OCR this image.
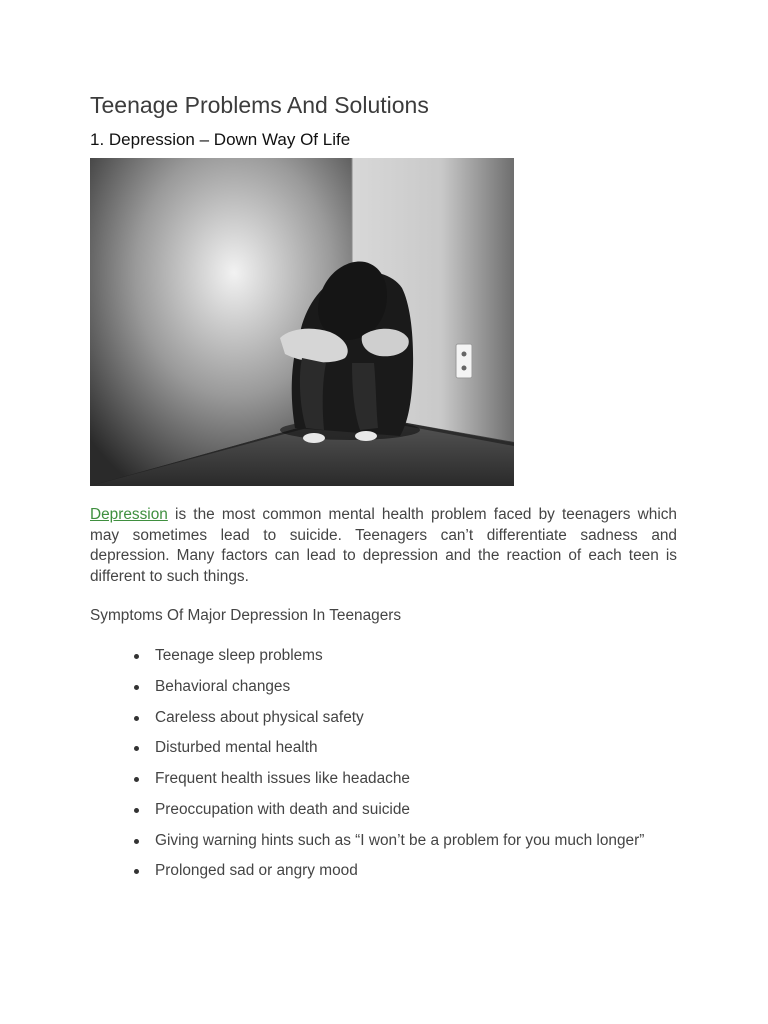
Teenage Problems And Solutions
1. Depression – Down Way Of Life

Depression is the most common mental health problem faced by teenagers which may sometimes lead to suicide. Teenagers can’t differentiate sadness and depression. Many factors can lead to depression and the reaction of each teen is different to such things.

Symptoms Of Major Depression In Teenagers

Teenage sleep problems
Behavioral changes
Careless about physical safety
Disturbed mental health
Frequent health issues like headache
Preoccupation with death and suicide
Giving warning hints such as “I won’t be a problem for you much longer”
Prolonged sad or angry mood
